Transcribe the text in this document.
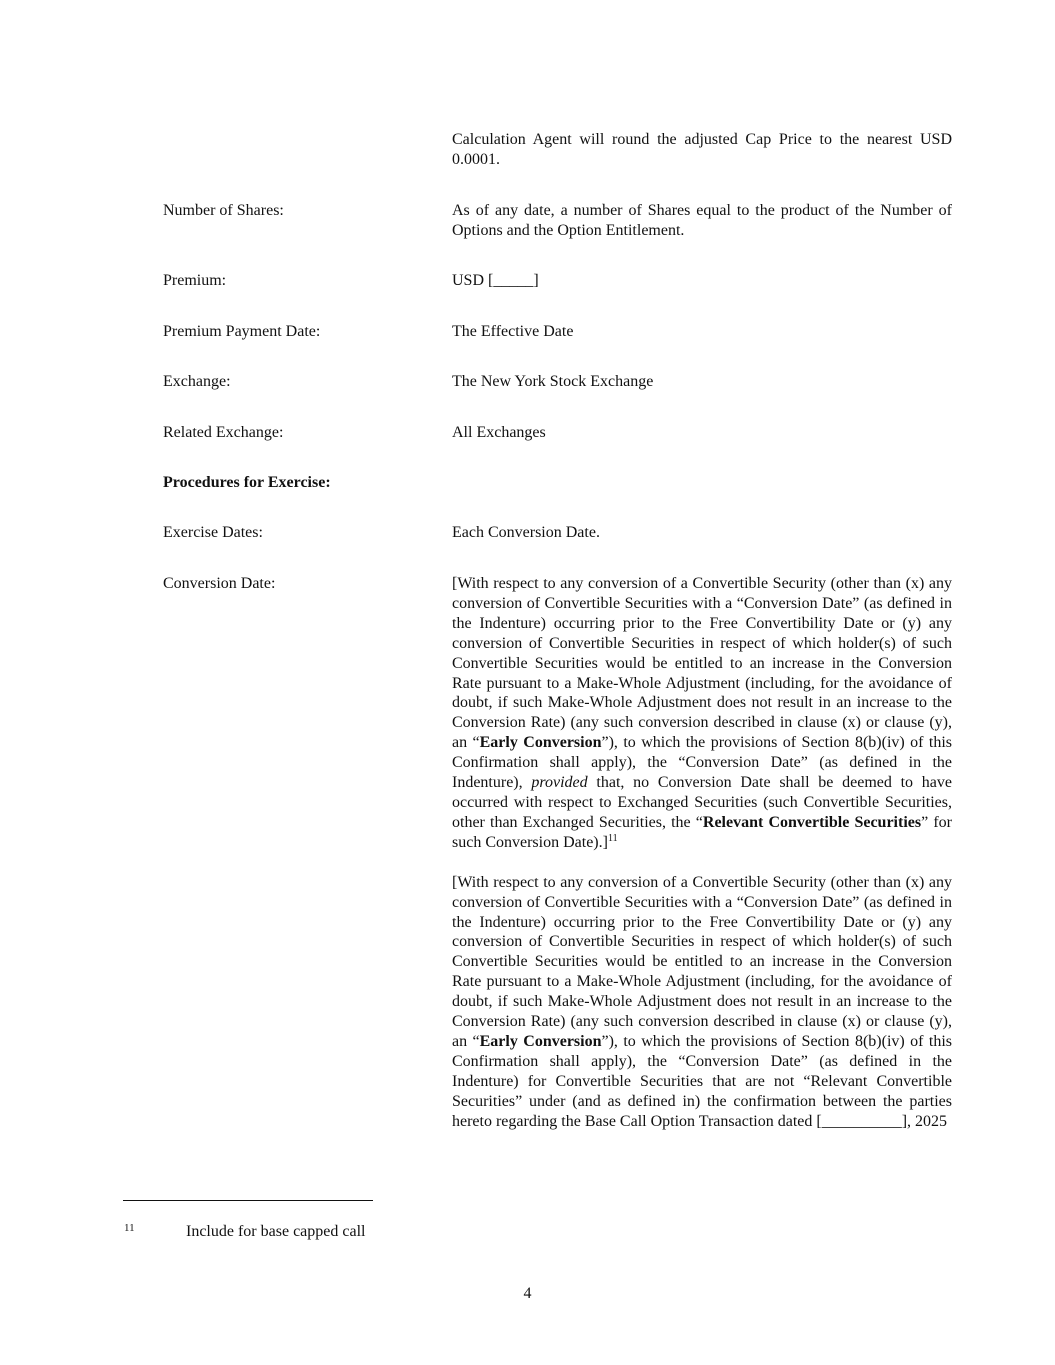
Calculation Agent will round the adjusted Cap Price to the nearest USD 0.0001.
Number of Shares:	As of any date, a number of Shares equal to the product of the Number of Options and the Option Entitlement.
Premium:	USD [_____]
Premium Payment Date:	The Effective Date
Exchange:	The New York Stock Exchange
Related Exchange:	All Exchanges
Procedures for Exercise:
Exercise Dates:	Each Conversion Date.
Conversion Date:	[With respect to any conversion of a Convertible Security (other than (x) any conversion of Convertible Securities with a “Conversion Date” (as defined in the Indenture) occurring prior to the Free Convertibility Date or (y) any conversion of Convertible Securities in respect of which holder(s) of such Convertible Securities would be entitled to an increase in the Conversion Rate pursuant to a Make-Whole Adjustment (including, for the avoidance of doubt, if such Make-Whole Adjustment does not result in an increase to the Conversion Rate) (any such conversion described in clause (x) or clause (y), an “Early Conversion”), to which the provisions of Section 8(b)(iv) of this Confirmation shall apply), the “Conversion Date” (as defined in the Indenture), provided that, no Conversion Date shall be deemed to have occurred with respect to Exchanged Securities (such Convertible Securities, other than Exchanged Securities, the “Relevant Convertible Securities” for such Conversion Date).]$^{11}$

[With respect to any conversion of a Convertible Security (other than (x) any conversion of Convertible Securities with a “Conversion Date” (as defined in the Indenture) occurring prior to the Free Convertibility Date or (y) any conversion of Convertible Securities in respect of which holder(s) of such Convertible Securities would be entitled to an increase in the Conversion Rate pursuant to a Make-Whole Adjustment (including, for the avoidance of doubt, if such Make-Whole Adjustment does not result in an increase to the Conversion Rate) (any such conversion described in clause (x) or clause (y), an “Early Conversion”), to which the provisions of Section 8(b)(iv) of this Confirmation shall apply), the “Conversion Date” (as defined in the Indenture) for Convertible Securities that are not “Relevant Convertible Securities” under (and as defined in) the confirmation between the parties hereto regarding the Base Call Option Transaction dated [__________], 2025

11	Include for base capped call
4
